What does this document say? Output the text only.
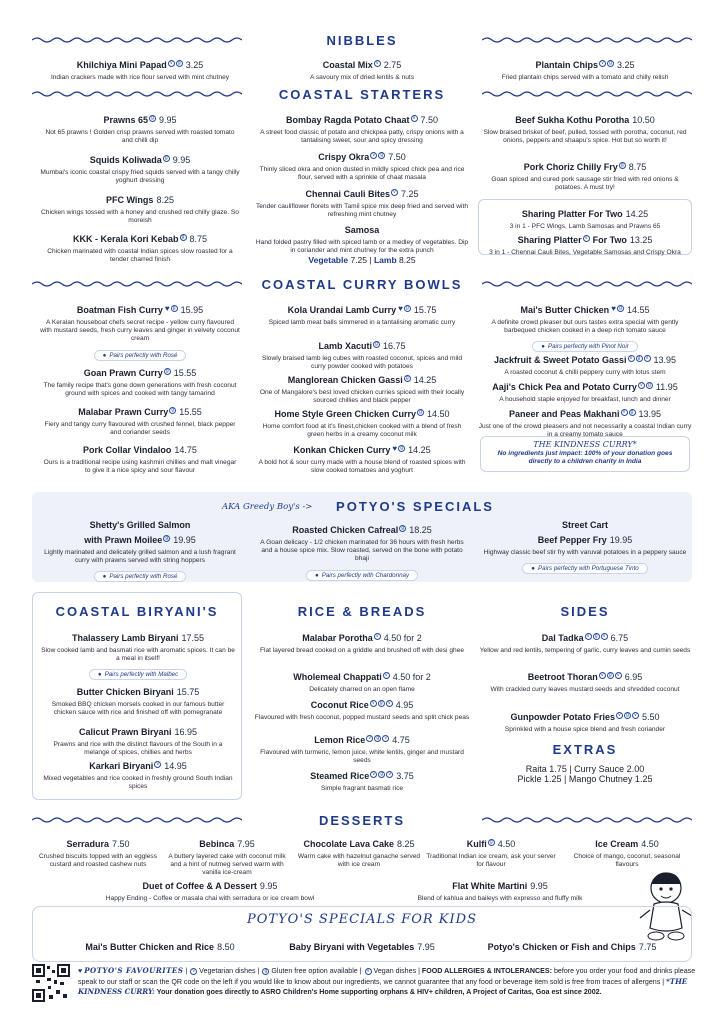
NIBBLES
Khilchiya Mini Papad v g 3.25
Indian crackers made with rice flour served with mint chutney
Coastal Mix v 2.75
A savoury mix of dried lentils & nuts
Plantain Chips v g 3.25
Fried plantain chips served with a tomato and chilly relish
COASTAL STARTERS
Prawns 65 g 9.95
Not 65 prawns ! Golden crisp prawns served with roasted tomato and chilli dip
Squids Koliwada g 9.95
Mumbai's iconic coastal crispy fried squids served with a tangy chilly yoghurt dressing
PFC Wings 8.25
Chicken wings tossed with a honey and crushed red chilly glaze. So moreish
KKK - Kerala Kori Kebab g 8.75
Chicken marinated with coastal Indian spices slow roasted for a tender charred finish
Bombay Ragda Potato Chaat v 7.50
A street food classic of potato and chickpea patty, crispy onions with a tantalising sweet, sour and spicy dressing
Crispy Okra v g 7.50
Thinly sliced okra and onion dusted in mildly spiced chick pea and rice flour, served with a sprinkle of chaat masala
Chennai Cauli Bites v 7.25
Tender cauliflower florets with Tamil spice mix deep fried and served with refreshing mint chutney
Samosa
Hand folded pastry filled with spiced lamb or a medley of vegetables. Dip in coriander and mint chutney for the extra punch
Vegetable 7.25 | Lamb 8.25
Beef Sukha Kothu Porotha 10.50
Slow braised brisket of beef, pulled, tossed with porotha, coconut, red onions, peppers and shaapu's spice. Hot but so worth it!
Pork Choriz Chilly Fry g 8.75
Goan spiced and cured pork sausage stir fried with red onions & potatoes. A must try!
Sharing Platter For Two 14.25
3 in 1 - PFC Wings, Lamb Samosas and Prawns 65
Sharing Platter v For Two 13.25
3 in 1 - Chennai Cauli Bites, Vegetable Samosas and Crispy Okra
COASTAL CURRY BOWLS
Boatman Fish Curry ♥ g 15.95
A Keralan houseboat chefs secret recipe - yellow curry flavoured with mustard seeds, fresh curry leaves and ginger in velvety coconut cream
● Pairs perfectly with Rosé
Goan Prawn Curry g 15.55
The family recipe that's gone down generations with fresh coconut ground with spices and cooked with tangy tamarind
Malabar Prawn Curry g 15.55
Fiery and tangy curry flavoured with crushed fennel, black pepper and coriander seeds
Pork Collar Vindaloo 14.75
Ours is a traditional recipe using kashmiri chillies and malt vinegar to give it a nice spicy and sour flavour
Kola Urandai Lamb Curry ♥ g 15.75
Spiced lamb meat balls simmered in a tantalising aromatic curry
Lamb Xacuti g 16.75
Slowly braised lamb leg cubes with roasted coconut, spices and mild curry powder cooked with potatoes
Manglorean Chicken Gassi g 14.25
One of Mangalore's best loved chicken curries spiced with their locally sourced chillies and black pepper
Home Style Green Chicken Curry g 14.50
Home comfort food at it's finest,chicken cooked with a blend of fresh green herbs in a creamy coconut milk
Konkan Chicken Curry ♥ g 14.25
A bold hot & sour curry made with a house blend of roasted spices with slow cooked tomatoes and yoghurt
Mai's Butter Chicken ♥ g 14.55
A definite crowd pleaser but ours tastes extra special with gently barbequed chicken cooked in a deep rich tomato sauce
● Pairs perfectly with Pinot Noir
Jackfruit & Sweet Potato Gassi v g v 13.95
A roasted coconut & chilli peppery curry with lotus stem
Aaji's Chick Pea and Potato Curry v g 11.95
A household staple enjoyed for breakfast, lunch and dinner
Paneer and Peas Makhani v g 13.95
Just one of the crowd pleasers and not necessarily a coastal Indian curry in a creamy tomato sauce
THE KINDNESS CURRY*
No ingredients just impact: 100% of your donation goes directly to a children charity in India
AKA Greedy Boy's ->	POTYO'S SPECIALS
Shetty's Grilled Salmon
with Prawn Moilee g 19.95
Lightly marinated and delicately grilled salmon and a lush fragrant curry with prawns served with string hoppers
● Pairs perfectly with Rosé
Roasted Chicken Cafreal g 18.25
A Goan delicacy - 1/2 chicken marinated for 36 hours with fresh herbs and a house spice mix. Slow roasted, served on the bone with potato bhaji
● Pairs perfectly with Chardonnay
Street Cart
Beef Pepper Fry 19.95
Highway classic beef stir fry with varuval potatoes in a peppery sauce
● Pairs perfectly with Portuguese Tinto
COASTAL BIRYANI'S
Thalassery Lamb Biryani 17.55
Slow cooked lamb and basmati rice with aromatic spices. It can be a meal in itself!
● Pairs perfectly with Malbec
Butter Chicken Biryani 15.75
Smoked BBQ chicken morsels cooked in our famous butter chicken sauce with rice and finished off with pomegranate
Calicut Prawn Biryani 16.95
Prawns and rice with the distinct flavours of the South in a melange of spices, chillies and herbs
Karkari Biryani v 14.95
Mixed vegetables and rice cooked in freshly ground South Indian spices
RICE & BREADS
Malabar Porotha v 4.50 for 2
Flat layered bread cooked on a griddle and brushed off with desi ghee
Wholemeal Chappati v 4.50 for 2
Delicately charred on an open flame
Coconut Rice v g v 4.95
Flavoured with fresh coconut, popped mustard seeds and split chick peas
Lemon Rice v g v 4.75
Flavoured with turmeric, lemon juice, white lentils, ginger and mustard seeds
Steamed Rice v g v 3.75
Simple fragrant basmati rice
SIDES
Dal Tadka v g v 6.75
Yellow and red lentils, tempering of garlic, curry leaves and cumin seeds
Beetroot Thoran v g v 6.95
With crackled curry leaves mustard seeds and shredded coconut
Gunpowder Potato Fries v g v 5.50
Sprinkled with a house spice blend and fresh coriander
EXTRAS
Raita 1.75 | Curry Sauce 2.00
Pickle 1.25 | Mango Chutney 1.25
DESSERTS
Serradura 7.50
Crushed biscuits topped with an eggless custard and roasted cashew nuts
Bebinca 7.95
A buttery layered cake with coconut milk and a hint of nutmeg served warm with vanilla ice-cream
Chocolate Lava Cake 8.25
Warm cake with hazelnut ganache served with ice cream
Kulfi g 4.50
Traditional Indian ice cream, ask your server for flavour
Ice Cream 4.50
Choice of mango, coconut, seasonal flavours
Duet of Coffee & A Dessert 9.95
Happy Ending - Coffee or masala chai with serradura or ice cream bowl
Flat White Martini 9.95
Blend of kahlua and baileys with expresso and fluffy milk
POTYO'S SPECIALS FOR KIDS
Mai's Butter Chicken and Rice 8.50	Baby Biryani with Vegetables 7.95	Potyo's Chicken or Fish and Chips 7.75
♥ POTYO'S FAVOURITES | v Vegetarian dishes | g Gluten free option available | v Vegan dishes | FOOD ALLERGIES & INTOLERANCES: before you order your food and drinks please speak to our staff or scan the QR code on the left if you would like to know about our ingredients, we cannot guarantee that any food or beverage item sold is free from traces of allergens | *THE KINDNESS CURRY: Your donation goes directly to ASRO Children's Home supporting orphans & HIV+ children, A Project of Caritas, Goa est since 2002.
